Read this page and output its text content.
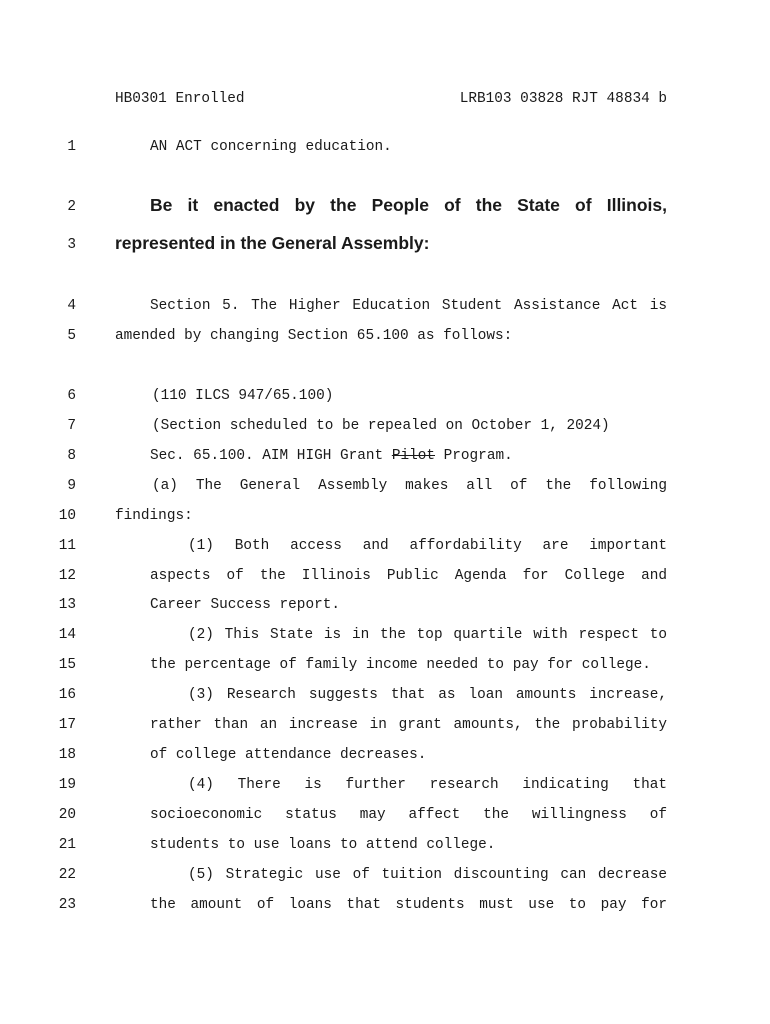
HB0301 Enrolled	LRB103 03828 RJT 48834 b
1	AN ACT concerning education.
2	Be it enacted by the People of the State of Illinois,
3 represented in the General Assembly:
4	Section 5. The Higher Education Student Assistance Act is
5	amended by changing Section 65.100 as follows:
6	(110 ILCS 947/65.100)
7	(Section scheduled to be repealed on October 1, 2024)
8	Sec. 65.100. AIM HIGH Grant Pilot Program.
9	(a) The General Assembly makes all of the following
10	findings:
11	(1) Both access and affordability are important
12	aspects of the Illinois Public Agenda for College and
13	Career Success report.
14	(2) This State is in the top quartile with respect to
15	the percentage of family income needed to pay for college.
16	(3) Research suggests that as loan amounts increase,
17	rather than an increase in grant amounts, the probability
18	of college attendance decreases.
19	(4) There is further research indicating that
20	socioeconomic status may affect the willingness of
21	students to use loans to attend college.
22	(5) Strategic use of tuition discounting can decrease
23	the amount of loans that students must use to pay for
